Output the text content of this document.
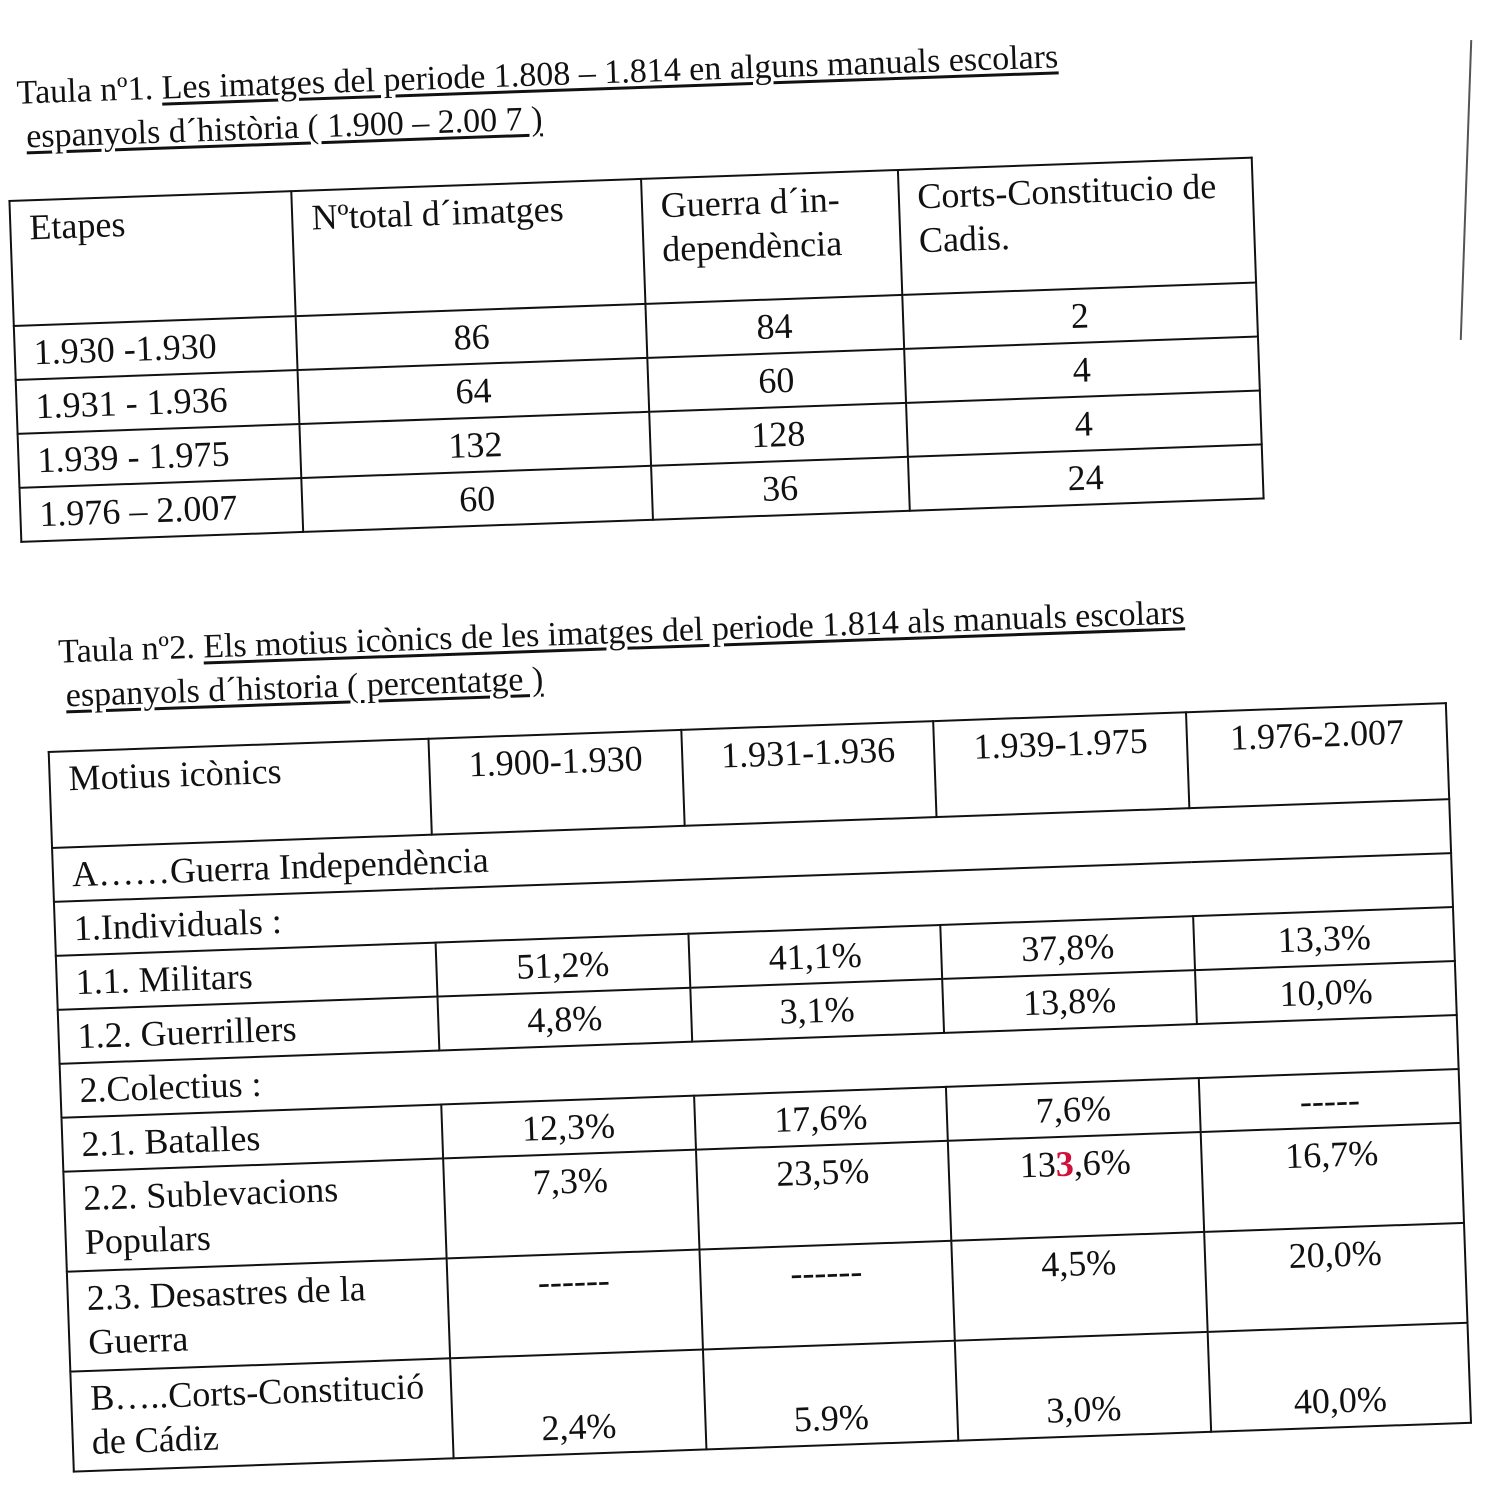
Taula nº1. Les imatges del periode 1.808 – 1.814 en alguns manuals escolars
espanyols d´història ( 1.900 – 2.00 7 )
Etapes	Nºtotal d´imatges	Guerra d´in-dependència	Corts-Constitucio de Cadis.
1.930 -1.930	86	84	2
1.931 - 1.936	64	60	4
1.939 - 1.975	132	128	4
1.976 – 2.007	60	36	24
Taula nº2. Els motius icònics de les imatges del periode 1.814 als manuals escolars
espanyols d´historia ( percentatge )
Motius icònics	1.900-1.930	1.931-1.936	1.939-1.975	1.976-2.007
A……Guerra Independència				
1.Individuals :				
1.1. Militars	51,2%	41,1%	37,8%	13,3%
1.2. Guerrillers	4,8%	3,1%	13,8%	10,0%
2.Colectius :				
2.1. Batalles	12,3%	17,6%	7,6%	-----
2.2. Sublevacions Populars	7,3%	23,5%	133,6%	16,7%
2.3. Desastres de la Guerra	------	------	4,5%	20,0%
B…..Corts-Constitució de Cádiz	2,4%	5.9%	3,0%	40,0%
